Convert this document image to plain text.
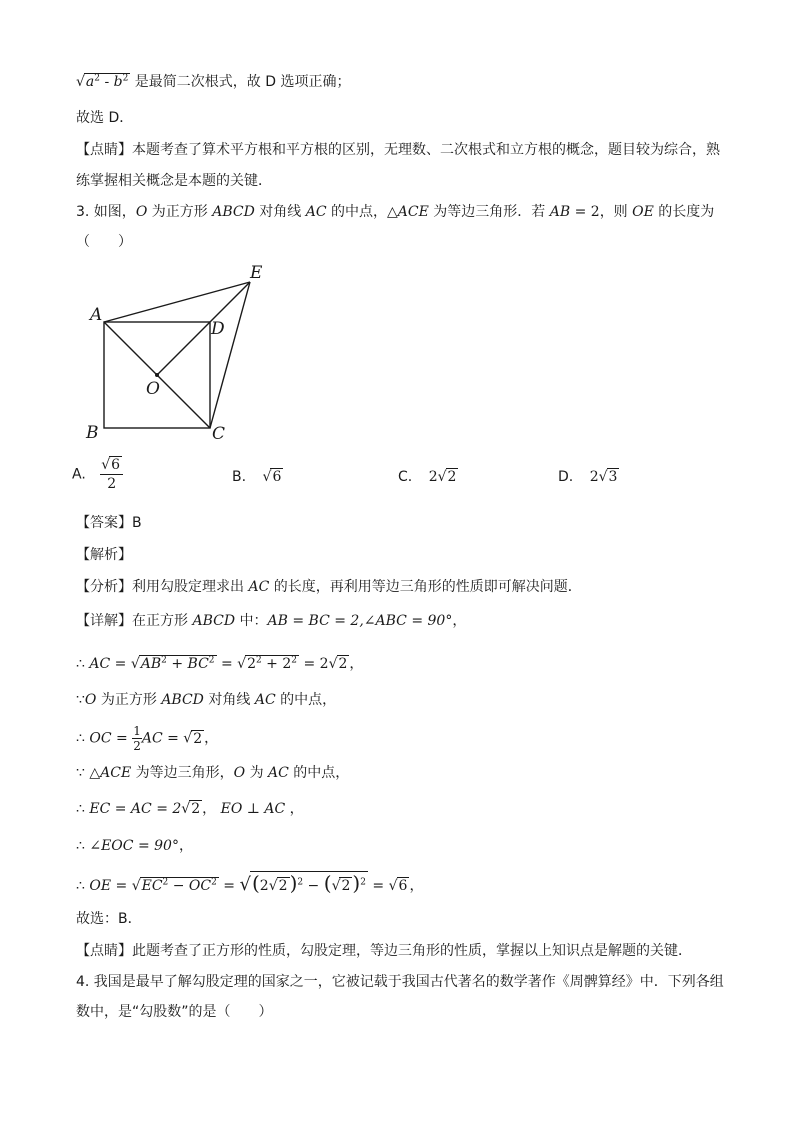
$√a^2 - b^2$ 是最简二次根式，故 D 选项正确；
故选 D．
【点睛】本题考查了算术平方根和平方根的区别，无理数、二次根式和立方根的概念，题目较为综合，熟
练掌握相关概念是本题的关键．
3. 如图，O 为正方形 ABCD 对角线 AC 的中点，△ACE 为等边三角形．若 AB = 2，则 OE 的长度为
（　　）
A
B	C
D
E
O
A. $\frac{√6}{2}$	B. √6	C. 2√2	D. 2√3
【答案】B
【解析】
【分析】利用勾股定理求出 AC 的长度，再利用等边三角形的性质即可解决问题．
【详解】在正方形 ABCD 中：AB = BC = 2,∠ABC = 90°，
∴ AC = $√AB^2 + BC^2 = √2^2 + 2^2 = 2√2$ ，
∵O 为正方形 ABCD 对角线 AC 的中点，
∴ OC = $\frac{1}{2}$ AC = √2 ，
∵ △ACE 为等边三角形，O 为 AC 的中点，
∴ EC = AC = 2√2 ， EO ⊥ AC ，
∴ ∠EOC = 90°，
∴ OE = $√EC^2 - OC^2 = √(2√2$ )$^2$ − (√2 )$^2$ = √6 ，
故选：B．
【点睛】此题考查了正方形的性质，勾股定理，等边三角形的性质，掌握以上知识点是解题的关键．
4. 我国是最早了解勾股定理的国家之一，它被记载于我国古代著名的数学著作《周髀算经》中．下列各组
数中，是“勾股数”的是（　　）
